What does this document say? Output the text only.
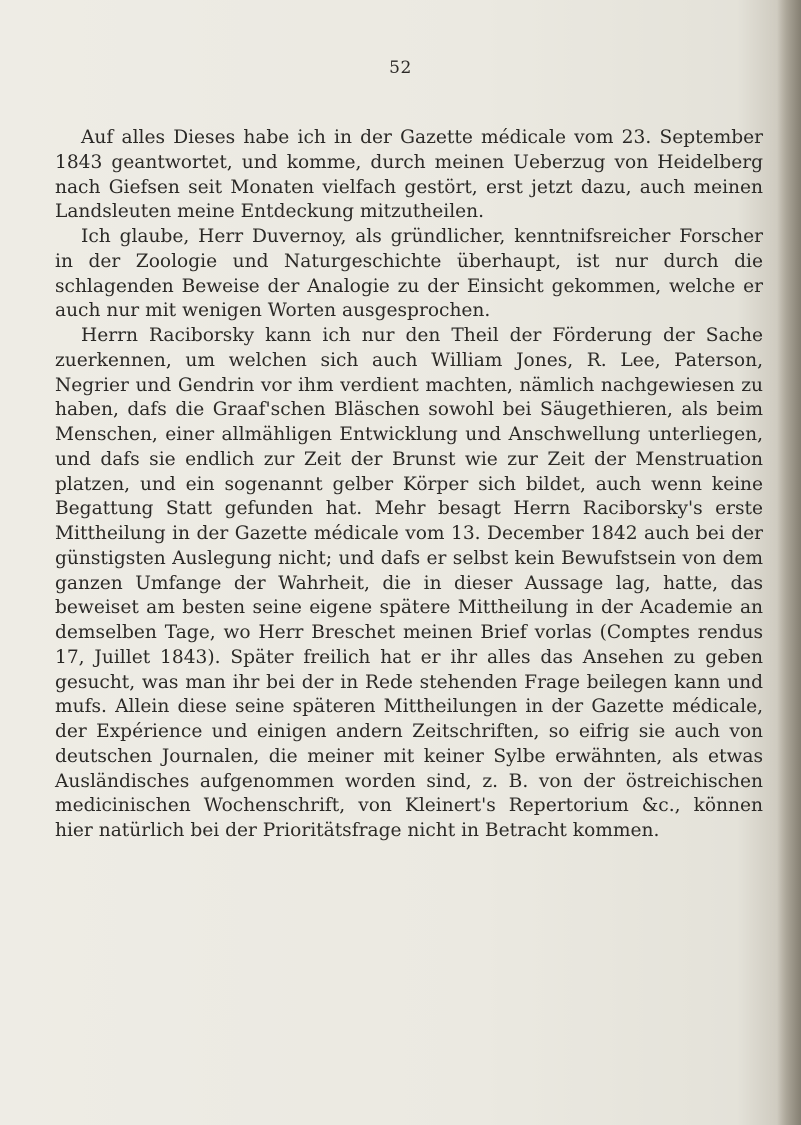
52

Auf alles Dieses habe ich in der Gazette médicale vom 23. September 1843 geantwortet, und komme, durch meinen Ueberzug von Heidelberg nach Giefsen seit Monaten vielfach gestört, erst jetzt dazu, auch meinen Landsleuten meine Entdeckung mitzutheilen.

Ich glaube, Herr Duvernoy, als gründlicher, kenntnifsreicher Forscher in der Zoologie und Naturgeschichte überhaupt, ist nur durch die schlagenden Beweise der Analogie zu der Einsicht gekommen, welche er auch nur mit wenigen Worten ausgesprochen.

Herrn Raciborsky kann ich nur den Theil der Förderung der Sache zuerkennen, um welchen sich auch William Jones, R. Lee, Paterson, Negrier und Gendrin vor ihm verdient machten, nämlich nachgewiesen zu haben, dafs die Graaf'schen Bläschen sowohl bei Säugethieren, als beim Menschen, einer allmähligen Entwicklung und Anschwellung unterliegen, und dafs sie endlich zur Zeit der Brunst wie zur Zeit der Menstruation platzen, und ein sogenannt gelber Körper sich bildet, auch wenn keine Begattung Statt gefunden hat. Mehr besagt Herrn Raciborsky's erste Mittheilung in der Gazette médicale vom 13. December 1842 auch bei der günstigsten Auslegung nicht; und dafs er selbst kein Bewufstsein von dem ganzen Umfange der Wahrheit, die in dieser Aussage lag, hatte, das beweiset am besten seine eigene spätere Mittheilung in der Academie an demselben Tage, wo Herr Breschet meinen Brief vorlas (Comptes rendus 17, Juillet 1843). Später freilich hat er ihr alles das Ansehen zu geben gesucht, was man ihr bei der in Rede stehenden Frage beilegen kann und mufs. Allein diese seine späteren Mittheilungen in der Gazette médicale, der Expérience und einigen andern Zeitschriften, so eifrig sie auch von deutschen Journalen, die meiner mit keiner Sylbe erwähnten, als etwas Ausländisches aufgenommen worden sind, z. B. von der östreichischen medicinischen Wochenschrift, von Kleinert's Repertorium &c., können hier natürlich bei der Prioritätsfrage nicht in Betracht kommen.
